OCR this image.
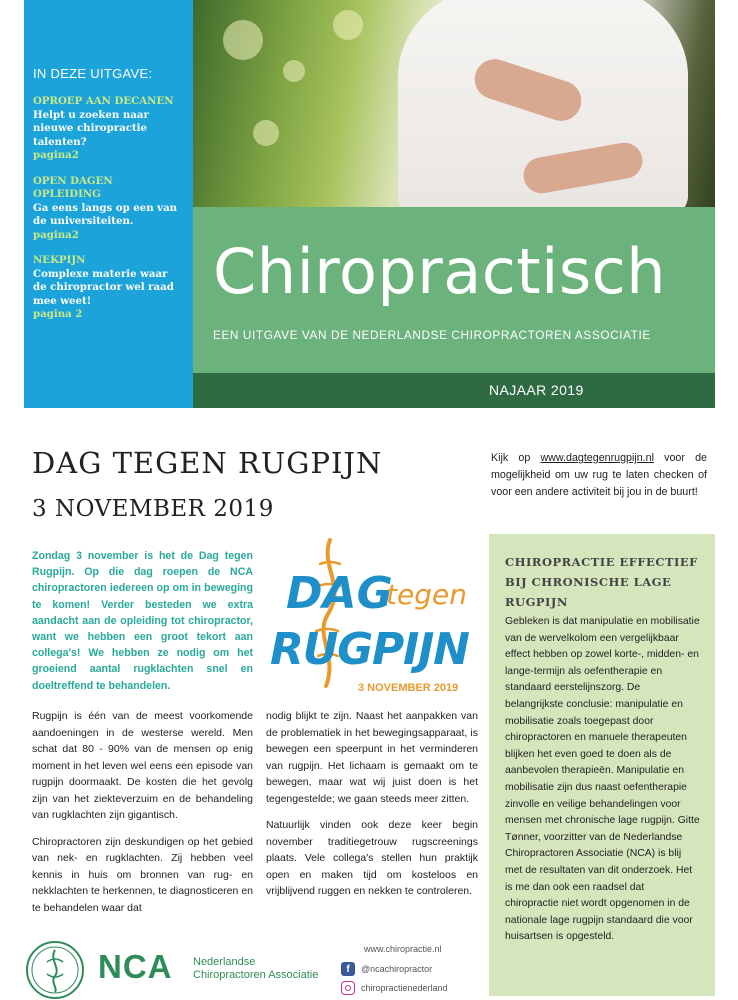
IN DEZE UITGAVE:
OPROEP AAN DECANEN
Helpt u zoeken naar nieuwe chiropractie talenten?
pagina2
OPEN DAGEN OPLEIDING
Ga eens langs op een van de universiteiten.
pagina2
NEKPIJN
Complexe materie waar de chiropractor wel raad mee weet!
pagina 2
Chiropractisch
EEN UITGAVE VAN DE NEDERLANDSE CHIROPRACTOREN ASSOCIATIE
NAJAAR 2019
DAG TEGEN RUGPIJN
3 NOVEMBER 2019
Zondag 3 november is het de Dag tegen Rugpijn. Op die dag roepen de NCA chiropractoren iedereen op om in beweging te komen! Verder besteden we extra aandacht aan de opleiding tot chiropractor, want we hebben een groot tekort aan collega's! We hebben ze nodig om het groeiend aantal rugklachten snel en doeltreffend te behandelen.
DAG
tegen
RUGPIJN
3 NOVEMBER 2019

Rugpijn is één van de meest voorkomende aandoeningen in de westerse wereld. Men schat dat 80 - 90% van de mensen op enig moment in het leven wel eens een episode van rugpijn doormaakt. De kosten die het gevolg zijn van het ziekteverzuim en de behandeling van rugklachten zijn gigantisch.

Chiropractoren zijn deskundigen op het gebied van nek- en rugklachten. Zij hebben veel kennis in huis om bronnen van rug- en nekklachten te herkennen, te diagnosticeren en te behandelen waar dat

nodig blijkt te zijn. Naast het aanpakken van de problematiek in het bewegingsapparaat, is bewegen een speerpunt in het verminderen van rugpijn. Het lichaam is gemaakt om te bewegen, maar wat wij juist doen is het tegengestelde; we gaan steeds meer zitten.

Natuurlijk vinden ook deze keer begin november traditiegetrouw rugscreenings plaats. Vele collega's stellen hun praktijk open en maken tijd om kosteloos en vrijblijvend ruggen en nekken te controleren.

Kijk op www.dagtegenrugpijn.nl voor de mogelijkheid om uw rug te laten checken of voor een andere activiteit bij jou in de buurt!
CHIROPRACTIE EFFECTIEF BIJ CHRONISCHE LAGE RUGPIJN
Gebleken is dat manipulatie en mobilisatie van de wervelkolom een vergelijkbaar effect hebben op zowel korte-, midden- en lange-termijn als oefentherapie en standaard eerstelijnszorg. De belangrijkste conclusie: manipulatie en mobilisatie zoals toegepast door chiropractoren en manuele therapeuten blijken het even goed te doen als de aanbevolen therapieën. Manipulatie en mobilisatie zijn dus naast oefentherapie zinvolle en veilige behandelingen voor mensen met chronische lage rugpijn. Gitte Tønner, voorzitter van de Nederlandse Chiropractoren Associatie (NCA) is blij met de resultaten van dit onderzoek. Het is me dan ook een raadsel dat chiropractie niet wordt opgenomen in de nationale lage rugpijn standaard die voor huisartsen is opgesteld.
NCA Nederlandse
Chiropractoren Associatie
www.chiropractie.nl
f	@ncachiropractor
chiropractienederland
